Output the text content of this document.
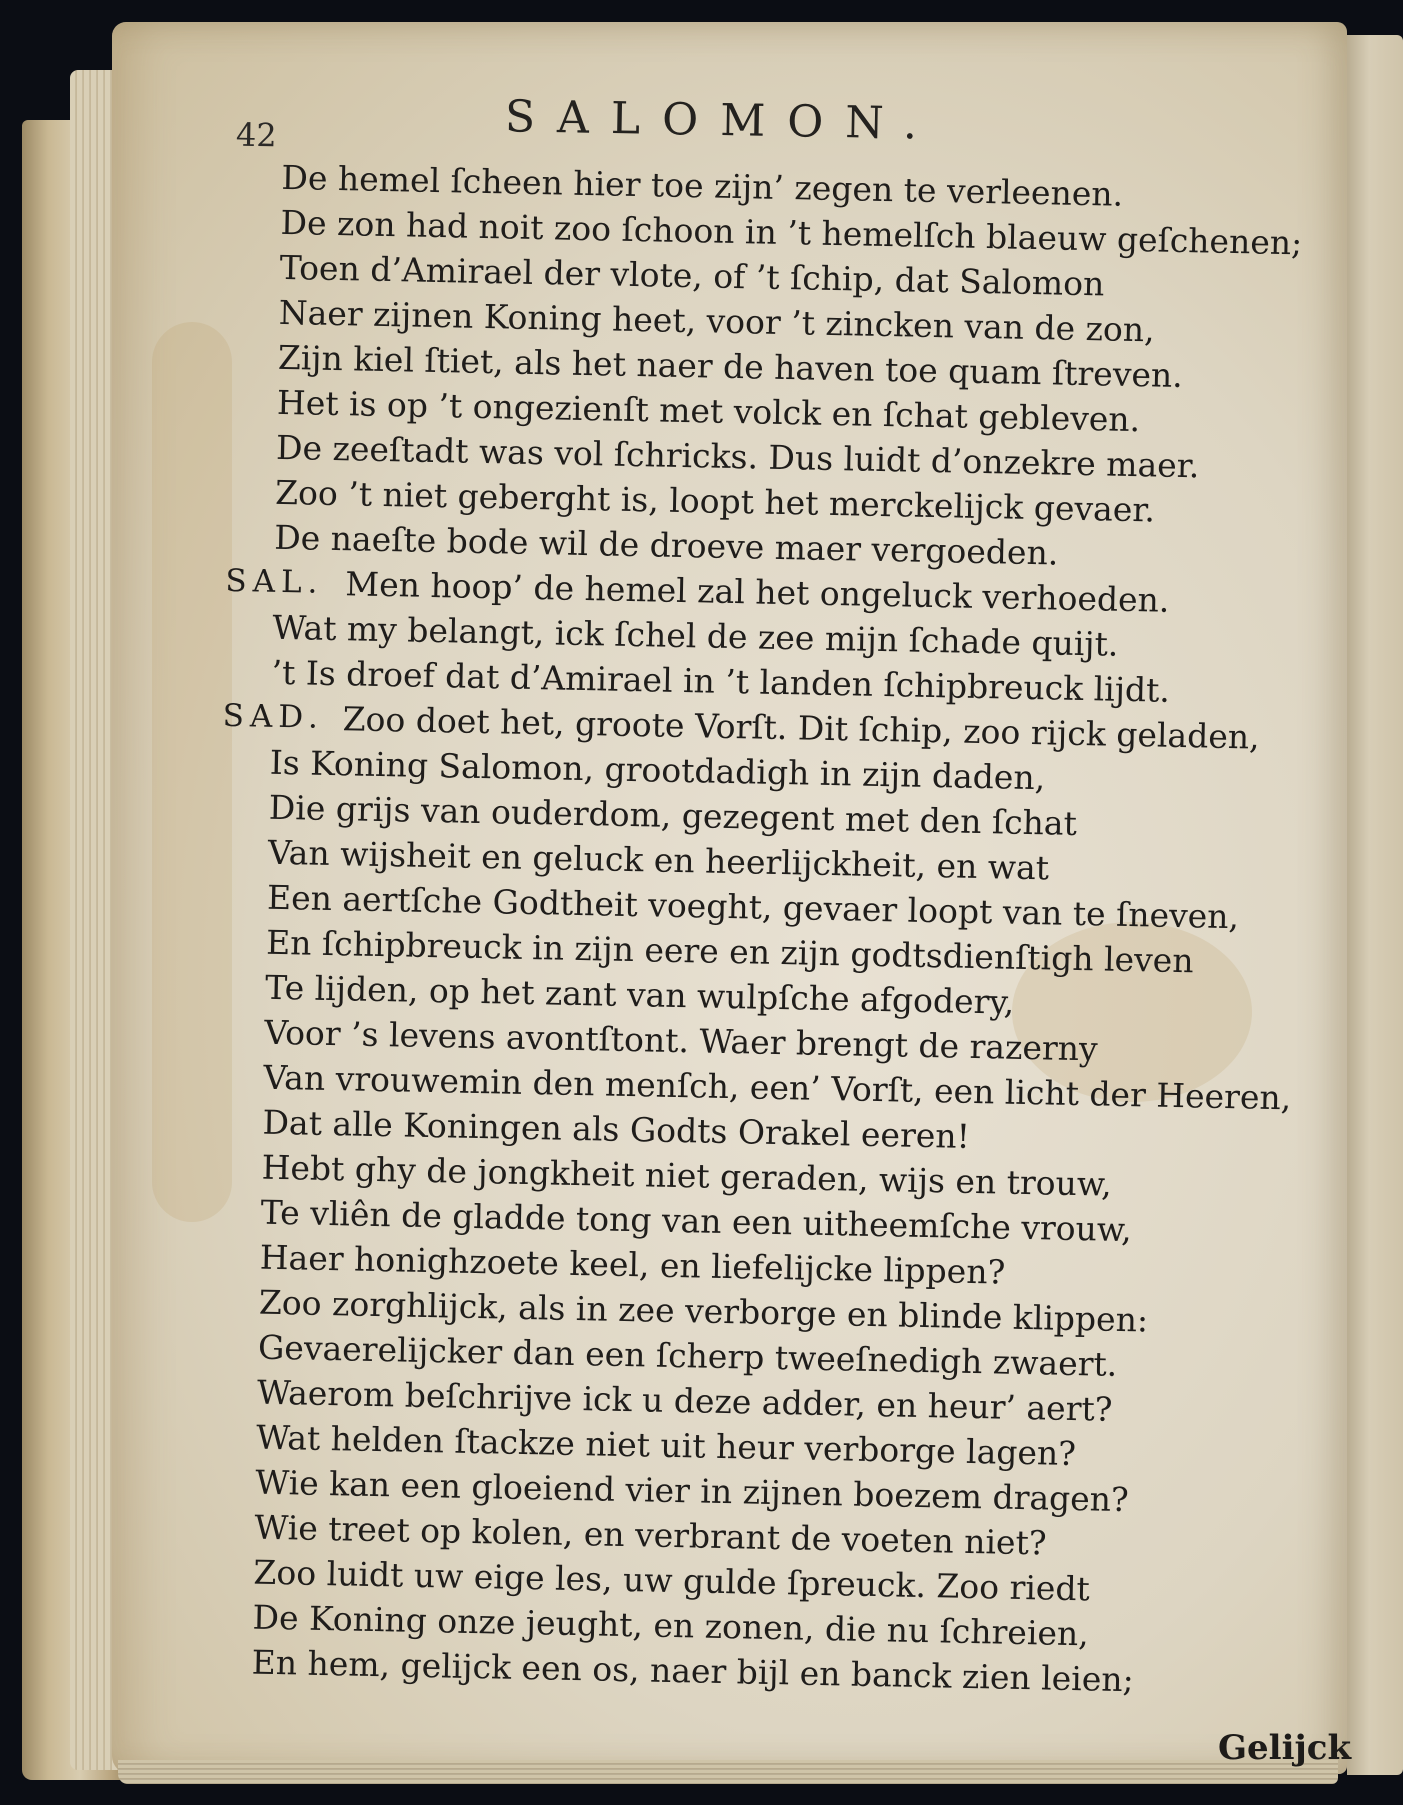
42	SALOMON.
De hemel ſcheen hier toe zijn’ zegen te verleenen.
De zon had noit zoo ſchoon in ’t hemelſch blaeuw geſchenen;
Toen d’Amirael der vlote, of ’t ſchip, dat Salomon
Naer zijnen Koning heet, voor ’t zincken van de zon,
Zijn kiel ſtiet, als het naer de haven toe quam ſtreven.
Het is op ’t ongezienſt met volck en ſchat gebleven.
De zeeſtadt was vol ſchricks. Dus luidt d’onzekre maer.
Zoo ’t niet geberght is, loopt het merckelijck gevaer.
De naeſte bode wil de droeve maer vergoeden.
SAL. Men hoop’ de hemel zal het ongeluck verhoeden.
Wat my belangt, ick ſchel de zee mijn ſchade quijt.
’t Is droef dat d’Amirael in ’t landen ſchipbreuck lijdt.
SAD. Zoo doet het, groote Vorſt. Dit ſchip, zoo rijck geladen,
Is Koning Salomon, grootdadigh in zijn daden,
Die grijs van ouderdom, gezegent met den ſchat
Van wijsheit en geluck en heerlijckheit, en wat
Een aertſche Godtheit voeght, gevaer loopt van te ſneven,
En ſchipbreuck in zijn eere en zijn godtsdienſtigh leven
Te lijden, op het zant van wulpſche afgodery,
Voor ’s levens avontſtont. Waer brengt de razerny
Van vrouwemin den menſch, een’ Vorſt, een licht der Heeren,
Dat alle Koningen als Godts Orakel eeren!
Hebt ghy de jongkheit niet geraden, wijs en trouw,
Te vliên de gladde tong van een uitheemſche vrouw,
Haer honighzoete keel, en liefelijcke lippen?
Zoo zorghlijck, als in zee verborge en blinde klippen:
Gevaerelijcker dan een ſcherp tweeſnedigh zwaert.
Waerom beſchrijve ick u deze adder, en heur’ aert?
Wat helden ſtackze niet uit heur verborge lagen?
Wie kan een gloeiend vier in zijnen boezem dragen?
Wie treet op kolen, en verbrant de voeten niet?
Zoo luidt uw eige les, uw gulde ſpreuck. Zoo riedt
De Koning onze jeught, en zonen, die nu ſchreien,
En hem, gelijck een os, naer bijl en banck zien leien;
Gelijck
